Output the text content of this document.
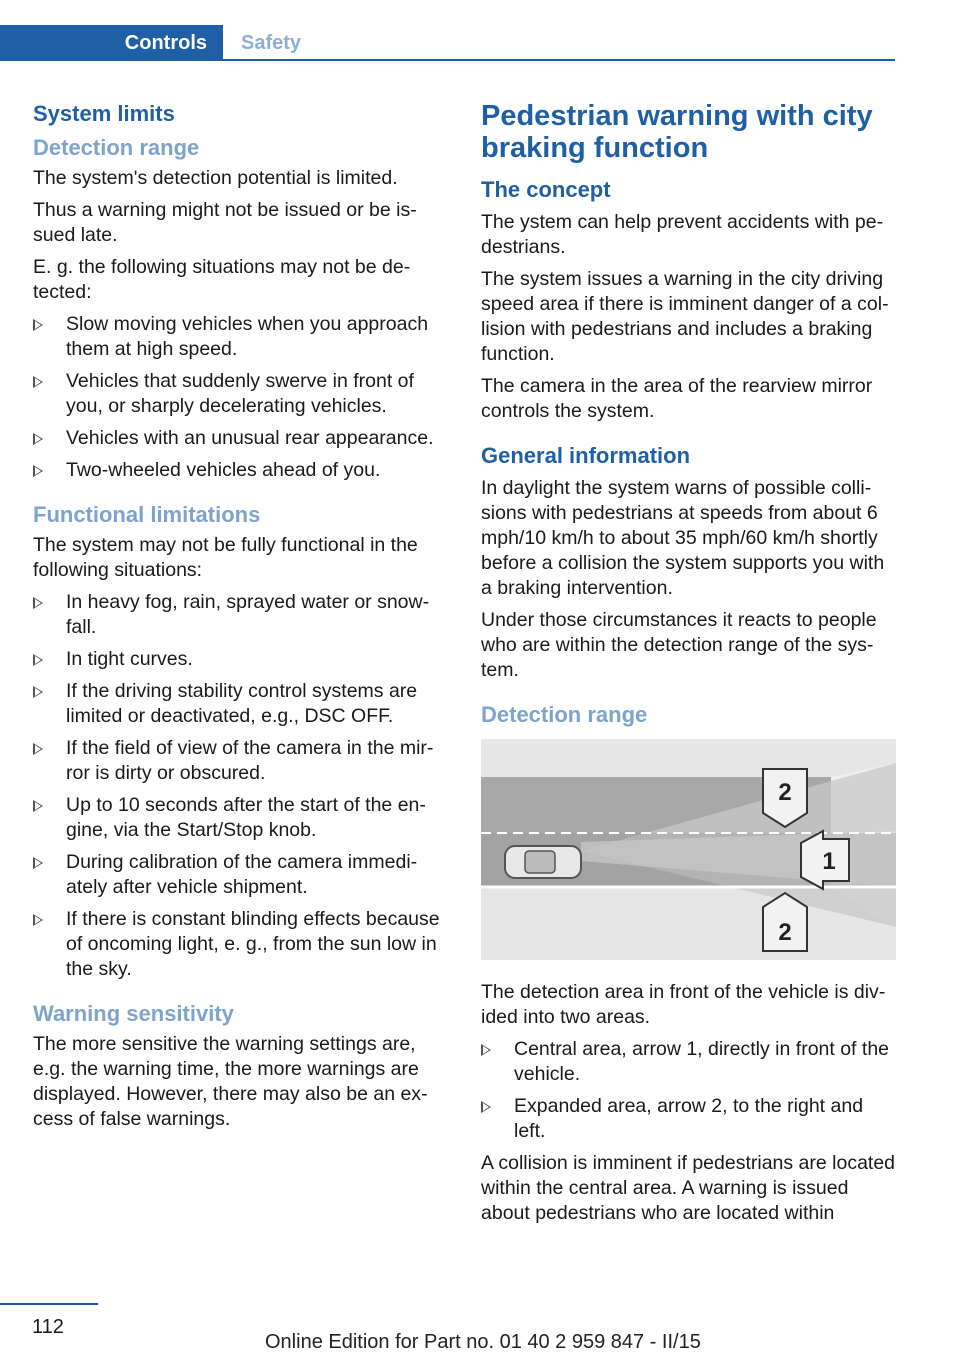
Controls	Safety
System limits
Detection range

The system's detection potential is limited.

Thus a warning might not be issued or be issued late.

E. g. the following situations may not be detected:

Slow moving vehicles when you approach them at high speed.
Vehicles that suddenly swerve in front of you, or sharply decelerating vehicles.
Vehicles with an unusual rear appearance.
Two-wheeled vehicles ahead of you.
Functional limitations

The system may not be fully functional in the following situations:

In heavy fog, rain, sprayed water or snowfall.
In tight curves.
If the driving stability control systems are limited or deactivated, e.g., DSC OFF.
If the field of view of the camera in the mirror is dirty or obscured.
Up to 10 seconds after the start of the engine, via the Start/Stop knob.
During calibration of the camera immediately after vehicle shipment.
If there is constant blinding effects because of oncoming light, e. g., from the sun low in the sky.
Warning sensitivity

The more sensitive the warning settings are, e.g. the warning time, the more warnings are displayed. However, there may also be an excess of false warnings.

Pedestrian warning with city braking function
The concept

The ystem can help prevent accidents with pedestrians.

The system issues a warning in the city driving speed area if there is imminent danger of a collision with pedestrians and includes a braking function.

The camera in the area of the rearview mirror controls the system.

General information

In daylight the system warns of possible collisions with pedestrians at speeds from about 6 mph/10 km/h to about 35 mph/60 km/h shortly before a collision the system supports you with a braking intervention.

Under those circumstances it reacts to people who are within the detection range of the system.

Detection range
2
1
2

The detection area in front of the vehicle is divided into two areas.

Central area, arrow 1, directly in front of the vehicle.
Expanded area, arrow 2, to the right and left.

A collision is imminent if pedestrians are located within the central area. A warning is issued about pedestrians who are located within

112
Online Edition for Part no. 01 40 2 959 847 - II/15
